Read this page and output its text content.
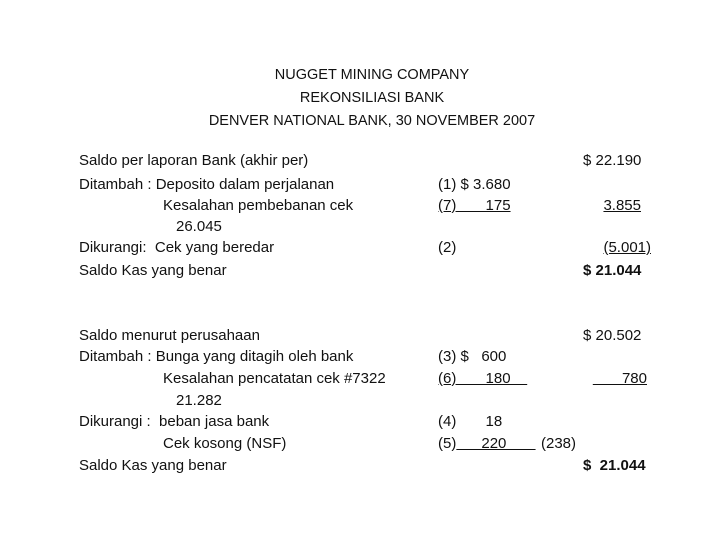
NUGGET MINING COMPANY
REKONSILIASI BANK
DENVER NATIONAL BANK, 30 NOVEMBER 2007
Saldo per laporan Bank (akhir per)	$ 22.190
Ditambah : Deposito dalam perjalanan	(1) $ 3.680
Kesalahan pembebanan cek	(7)       175	3.855
26.045
Dikurangi:  Cek yang beredar	(2)	(5.001)
Saldo Kas yang benar	$ 21.044
Saldo menurut perusahaan	$ 20.502
Ditambah : Bunga yang ditagih oleh bank	(3) $   600
Kesalahan pencatatan cek #7322	(6)       180	780
21.282
Dikurangi :  beban jasa bank	(4)       18
Cek kosong (NSF)	(5)      220 (238)
Saldo Kas yang benar	$  21.044
